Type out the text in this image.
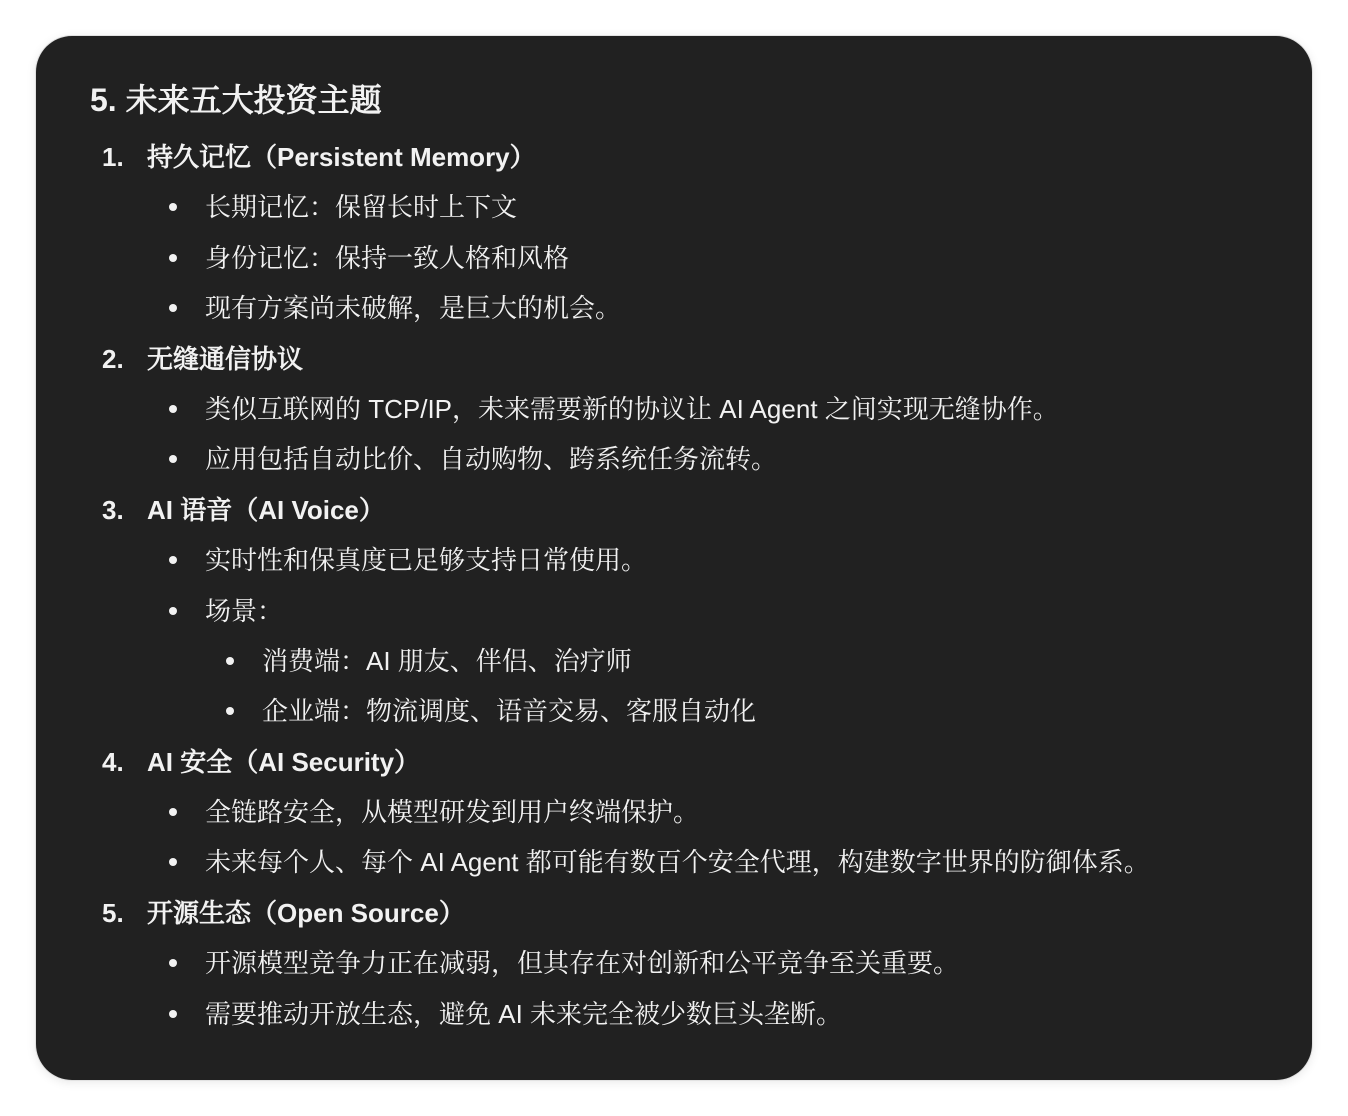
5. 未来五大投资主题
1. 持久记忆（Persistent Memory）
长期记忆：保留长时上下文
身份记忆：保持一致人格和风格
现有方案尚未破解，是巨大的机会。
2. 无缝通信协议
类似互联网的 TCP/IP，未来需要新的协议让 AI Agent 之间实现无缝协作。
应用包括自动比价、自动购物、跨系统任务流转。
3. AI 语音（AI Voice）
实时性和保真度已足够支持日常使用。
场景：
消费端：AI 朋友、伴侣、治疗师
企业端：物流调度、语音交易、客服自动化
4. AI 安全（AI Security）
全链路安全，从模型研发到用户终端保护。
未来每个人、每个 AI Agent 都可能有数百个安全代理，构建数字世界的防御体系。
5. 开源生态（Open Source）
开源模型竞争力正在减弱，但其存在对创新和公平竞争至关重要。
需要推动开放生态，避免 AI 未来完全被少数巨头垄断。
